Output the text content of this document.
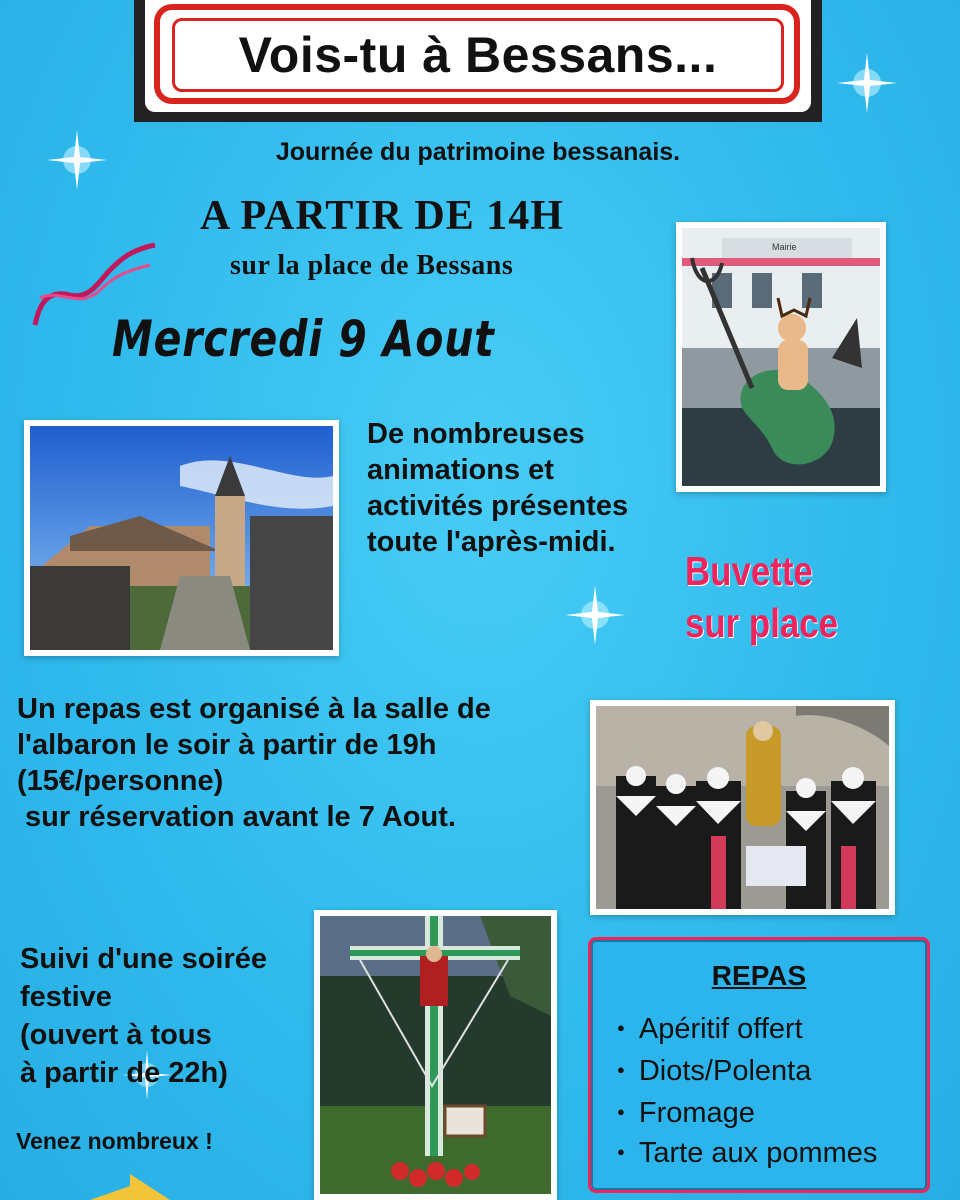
Vois-tu à Bessans...
Journée du patrimoine bessanais.
A PARTIR DE 14H
sur la place de Bessans
Mercredi 9 Aout
Mairie
De nombreuses
animations et
activités présentes
toute l'après-midi.
Buvette
sur place
Un repas est organisé à la salle de
l'albaron le soir à partir de 19h
(15€/personne)
sur réservation avant le 7 Aout.
Suivi d'une soirée
festive
(ouvert à tous
à partir de 22h)
Venez nombreux !
REPAS
● Apéritif offert
● Diots/Polenta
● Fromage
● Tarte aux pommes
